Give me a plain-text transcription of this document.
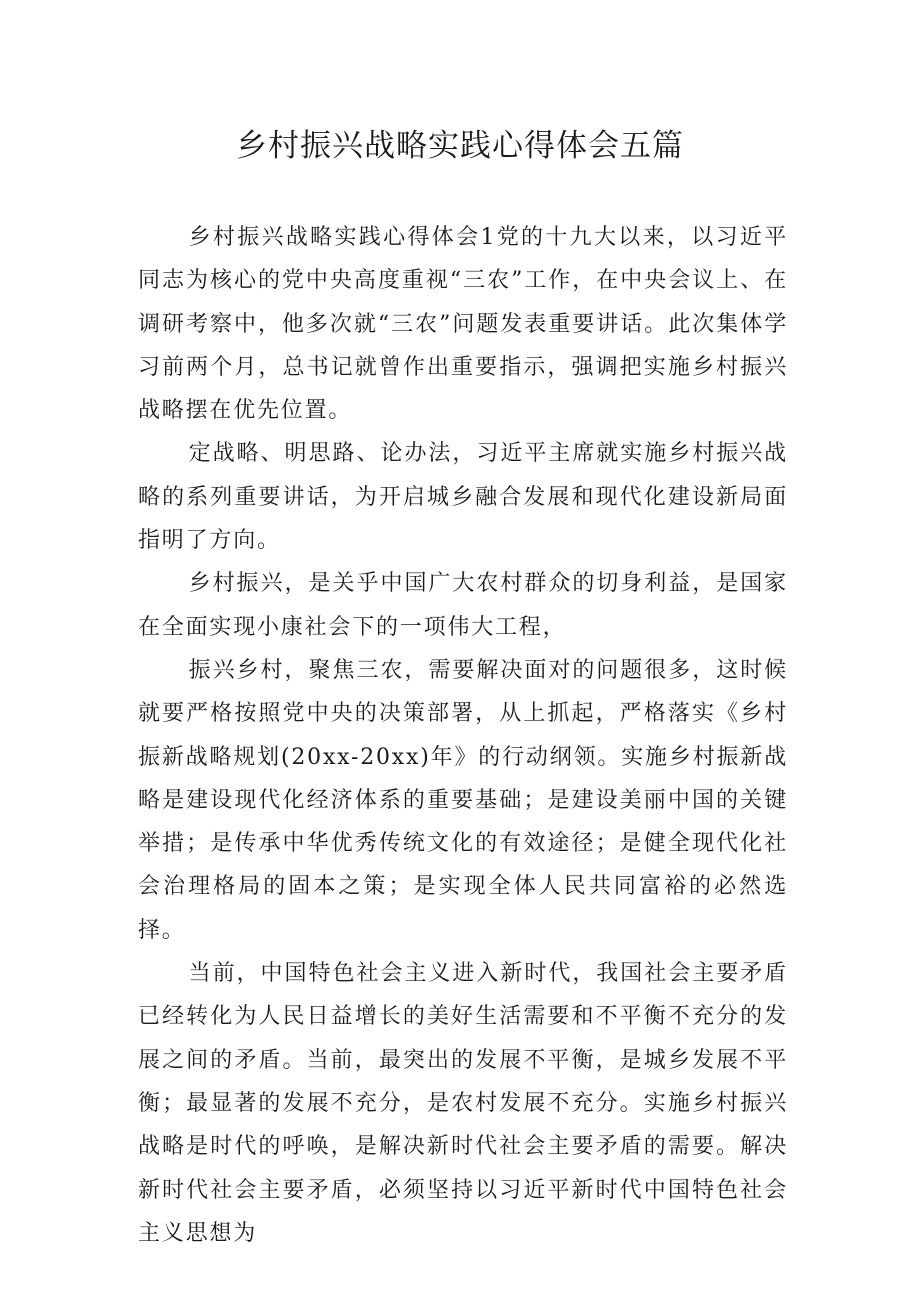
乡村振兴战略实践心得体会五篇

乡村振兴战略实践心得体会1党的十九大以来，以习近平同志为核心的党中央高度重视“三农”工作，在中央会议上、在调研考察中，他多次就“三农”问题发表重要讲话。此次集体学习前两个月，总书记就曾作出重要指示，强调把实施乡村振兴战略摆在优先位置。

定战略、明思路、论办法，习近平主席就实施乡村振兴战略的系列重要讲话，为开启城乡融合发展和现代化建设新局面指明了方向。

乡村振兴，是关乎中国广大农村群众的切身利益，是国家在全面实现小康社会下的一项伟大工程，

振兴乡村，聚焦三农，需要解决面对的问题很多，这时候就要严格按照党中央的决策部署，从上抓起，严格落实《乡村振新战略规划(20xx-20xx)年》的行动纲领。实施乡村振新战略是建设现代化经济体系的重要基础；是建设美丽中国的关键举措；是传承中华优秀传统文化的有效途径；是健全现代化社会治理格局的固本之策；是实现全体人民共同富裕的必然选择。

当前，中国特色社会主义进入新时代，我国社会主要矛盾已经转化为人民日益增长的美好生活需要和不平衡不充分的发展之间的矛盾。当前，最突出的发展不平衡，是城乡发展不平衡；最显著的发展不充分，是农村发展不充分。实施乡村振兴战略是时代的呼唤，是解决新时代社会主要矛盾的需要。解决新时代社会主要矛盾，必须坚持以习近平新时代中国特色社会主义思想为
